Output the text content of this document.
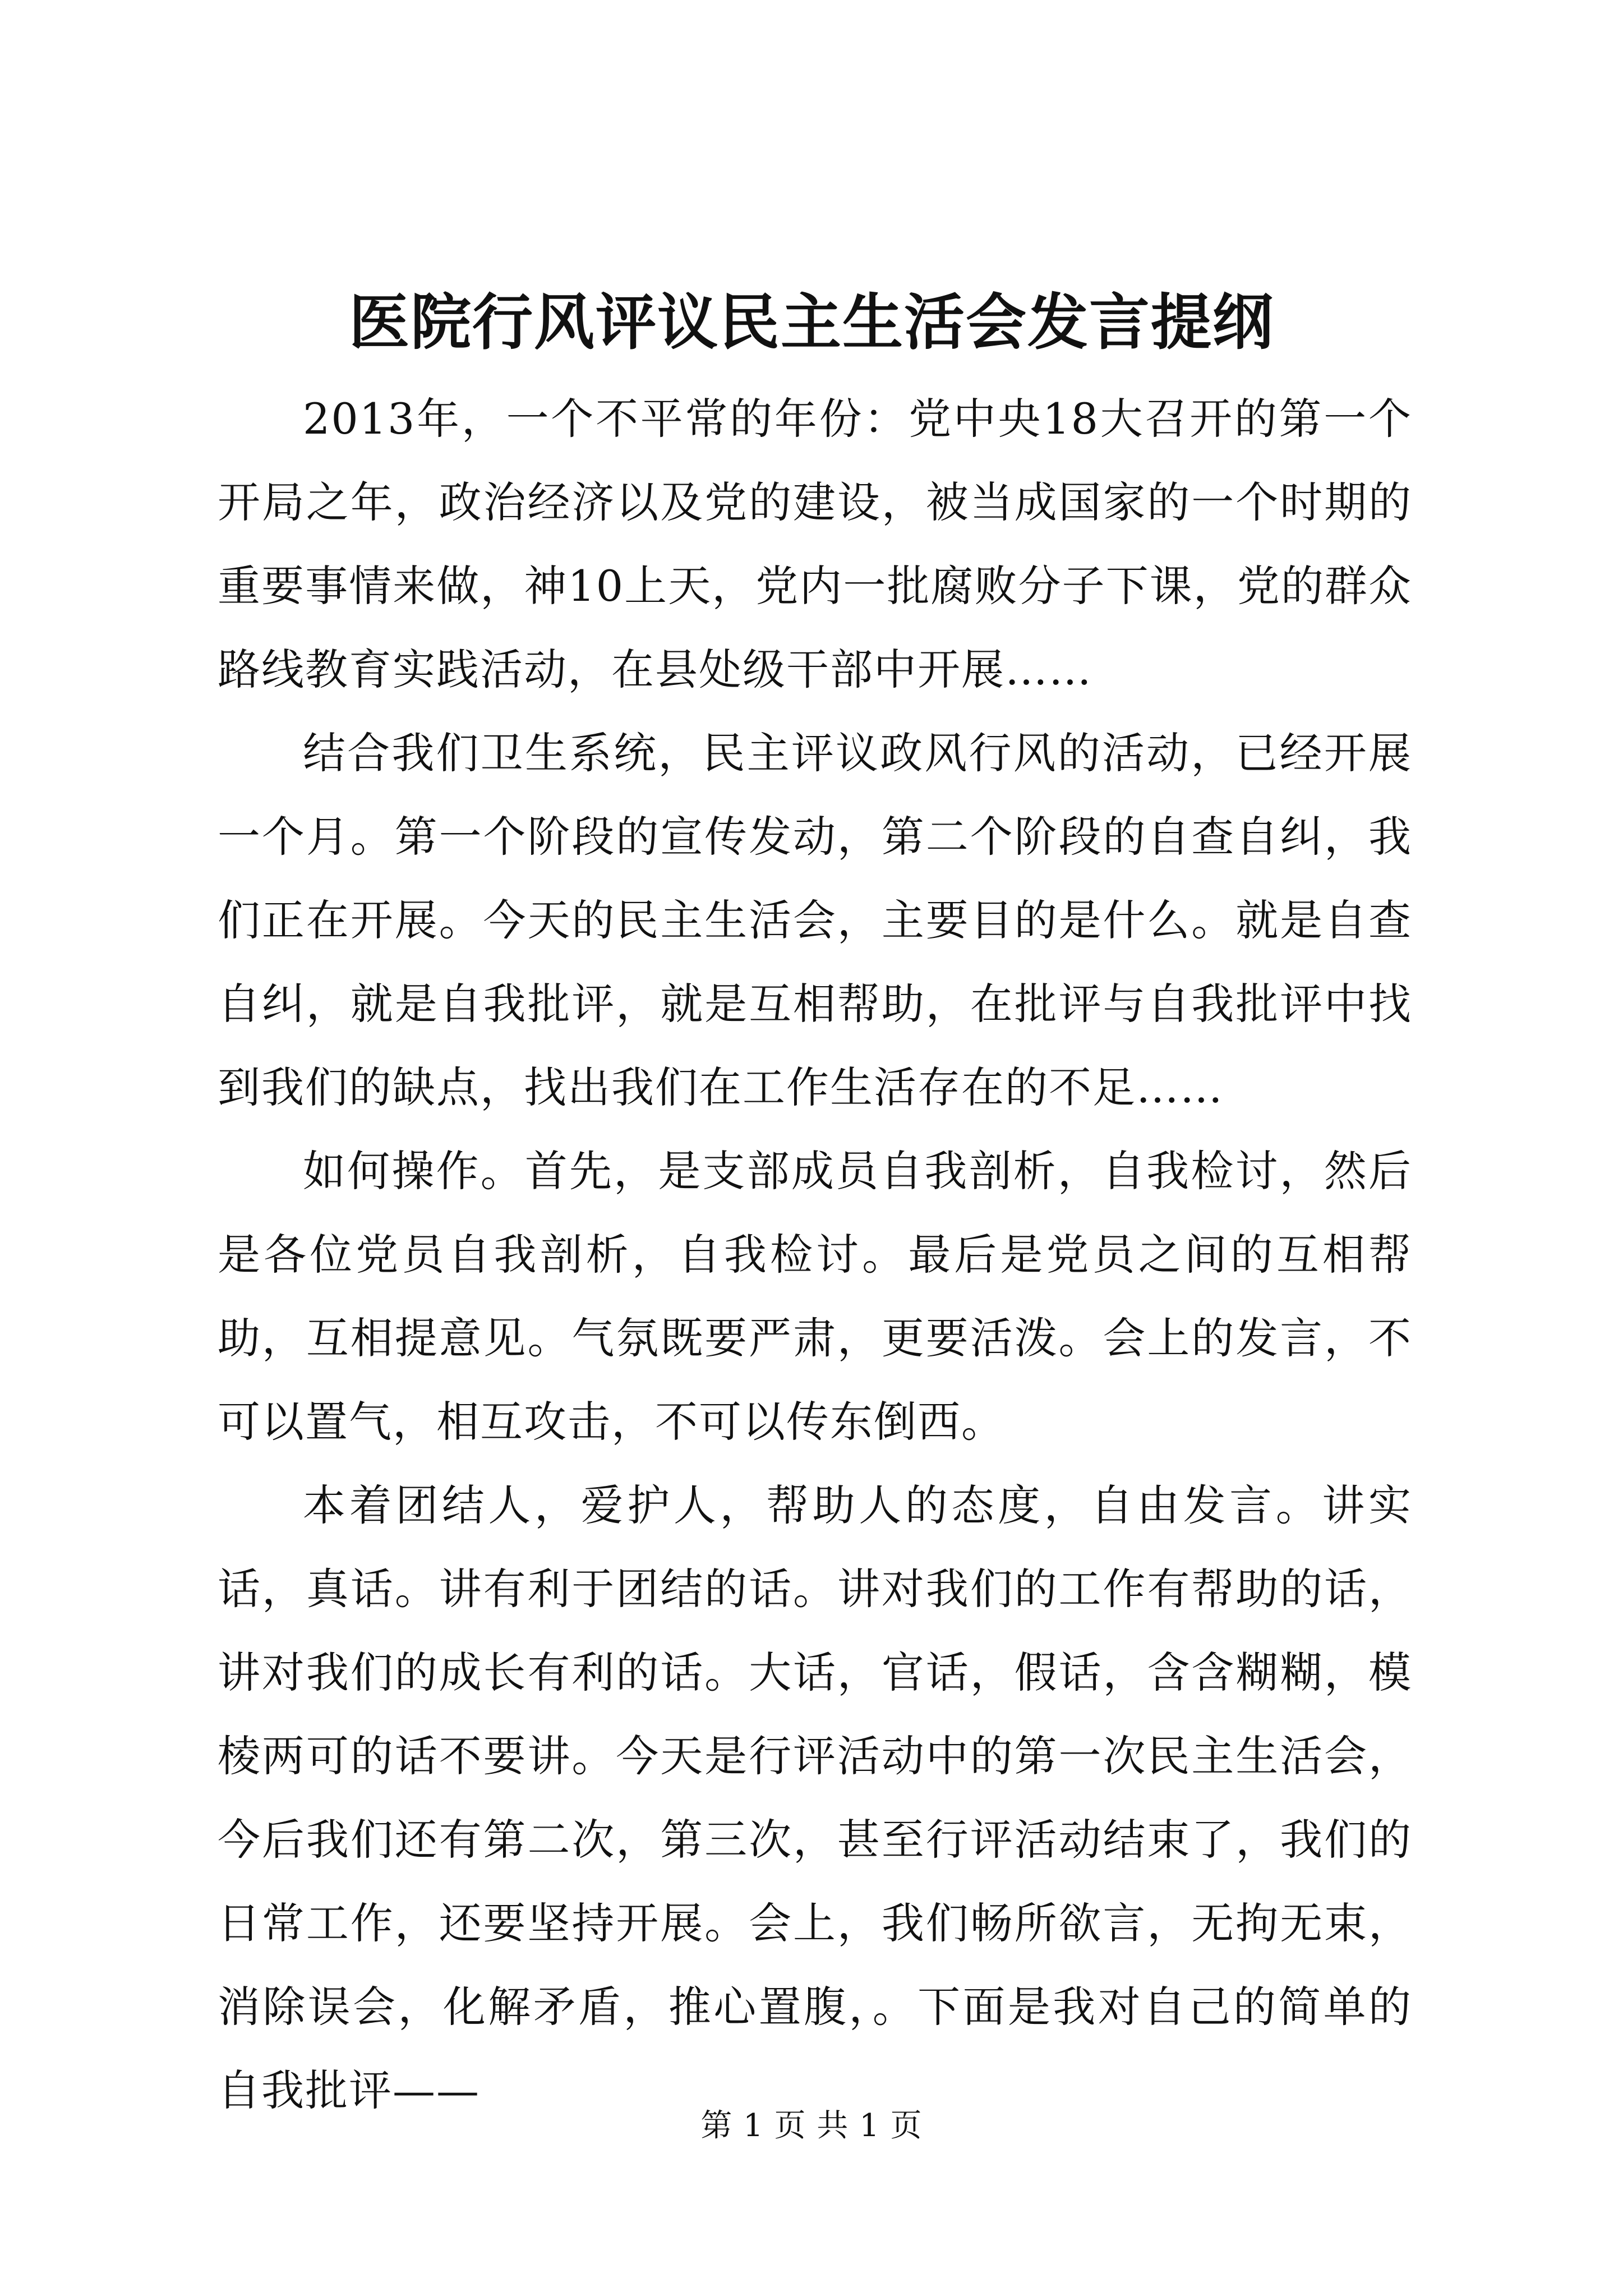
医院行风评议民主生活会发言提纲

2013年，一个不平常的年份：党中央18大召开的第一个开局之年，政治经济以及党的建设，被当成国家的一个时期的重要事情来做，神10上天，党内一批腐败分子下课，党的群众路线教育实践活动，在县处级干部中开展……

结合我们卫生系统，民主评议政风行风的活动，已经开展一个月。第一个阶段的宣传发动，第二个阶段的自查自纠，我们正在开展。今天的民主生活会，主要目的是什么。就是自查自纠，就是自我批评，就是互相帮助，在批评与自我批评中找到我们的缺点，找出我们在工作生活存在的不足……

如何操作。首先，是支部成员自我剖析，自我检讨，然后是各位党员自我剖析，自我检讨。最后是党员之间的互相帮助，互相提意见。气氛既要严肃，更要活泼。会上的发言，不可以置气，相互攻击，不可以传东倒西。

本着团结人，爱护人，帮助人的态度，自由发言。讲实话，真话。讲有利于团结的话。讲对我们的工作有帮助的话，讲对我们的成长有利的话。大话，官话，假话，含含糊糊，模棱两可的话不要讲。今天是行评活动中的第一次民主生活会，今后我们还有第二次，第三次，甚至行评活动结束了，我们的日常工作，还要坚持开展。会上，我们畅所欲言，无拘无束，消除误会，化解矛盾，推心置腹，。下面是我对自己的简单的自我批评——

第 1 页 共 1 页
